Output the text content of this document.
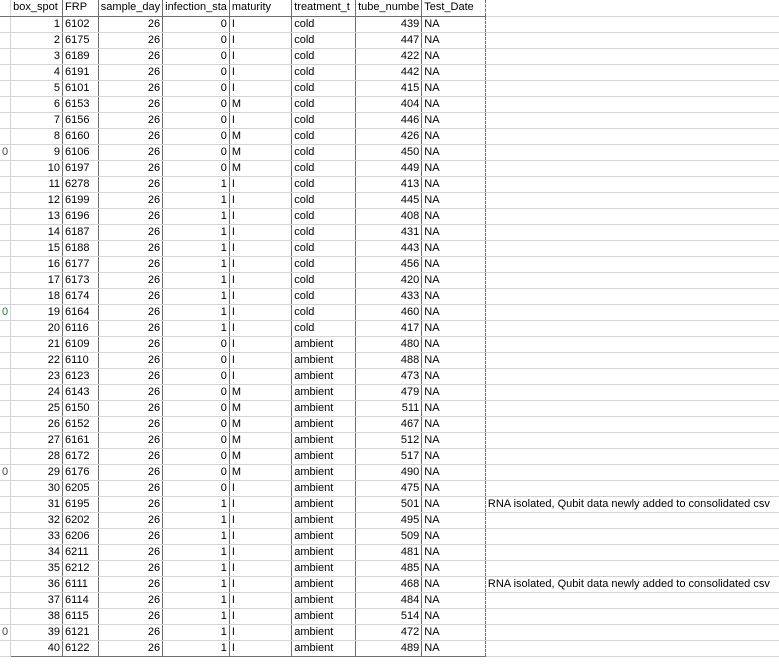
	box_spot	FRP	sample_day	infection_sta	maturity	treatment_t	tube_numbe	Test_Date	
	1	6102	26	0	I	cold	439	NA	

	2	6175	26	0	I	cold	447	NA	

	3	6189	26	0	I	cold	422	NA	

	4	6191	26	0	I	cold	442	NA	

	5	6101	26	0	I	cold	415	NA	

	6	6153	26	0	M	cold	404	NA	

	7	6156	26	0	I	cold	446	NA	

	8	6160	26	0	M	cold	426	NA	

0	9	6106	26	0	M	cold	450	NA	

	10	6197	26	0	M	cold	449	NA	

	11	6278	26	1	I	cold	413	NA	

	12	6199	26	1	I	cold	445	NA	

	13	6196	26	1	I	cold	408	NA	

	14	6187	26	1	I	cold	431	NA	

	15	6188	26	1	I	cold	443	NA	

	16	6177	26	1	I	cold	456	NA	

	17	6173	26	1	I	cold	420	NA	

	18	6174	26	1	I	cold	433	NA	

0	19	6164	26	1	I	cold	460	NA	

	20	6116	26	1	I	cold	417	NA	

	21	6109	26	0	I	ambient	480	NA	

	22	6110	26	0	I	ambient	488	NA	

	23	6123	26	0	I	ambient	473	NA	

	24	6143	26	0	M	ambient	479	NA	

	25	6150	26	0	M	ambient	511	NA	

	26	6152	26	0	M	ambient	467	NA	

	27	6161	26	0	M	ambient	512	NA	

	28	6172	26	0	M	ambient	517	NA	

0	29	6176	26	0	M	ambient	490	NA	

	30	6205	26	0	I	ambient	475	NA	

	31	6195	26	1	I	ambient	501	NA	RNA isolated, Qubit data newly added to consolidated csv

	32	6202	26	1	I	ambient	495	NA	

	33	6206	26	1	I	ambient	509	NA	

	34	6211	26	1	I	ambient	481	NA	

	35	6212	26	1	I	ambient	485	NA	

	36	6111	26	1	I	ambient	468	NA	RNA isolated, Qubit data newly added to consolidated csv

	37	6114	26	1	I	ambient	484	NA	

	38	6115	26	1	I	ambient	514	NA	

0	39	6121	26	1	I	ambient	472	NA	

	40	6122	26	1	I	ambient	489	NA	
